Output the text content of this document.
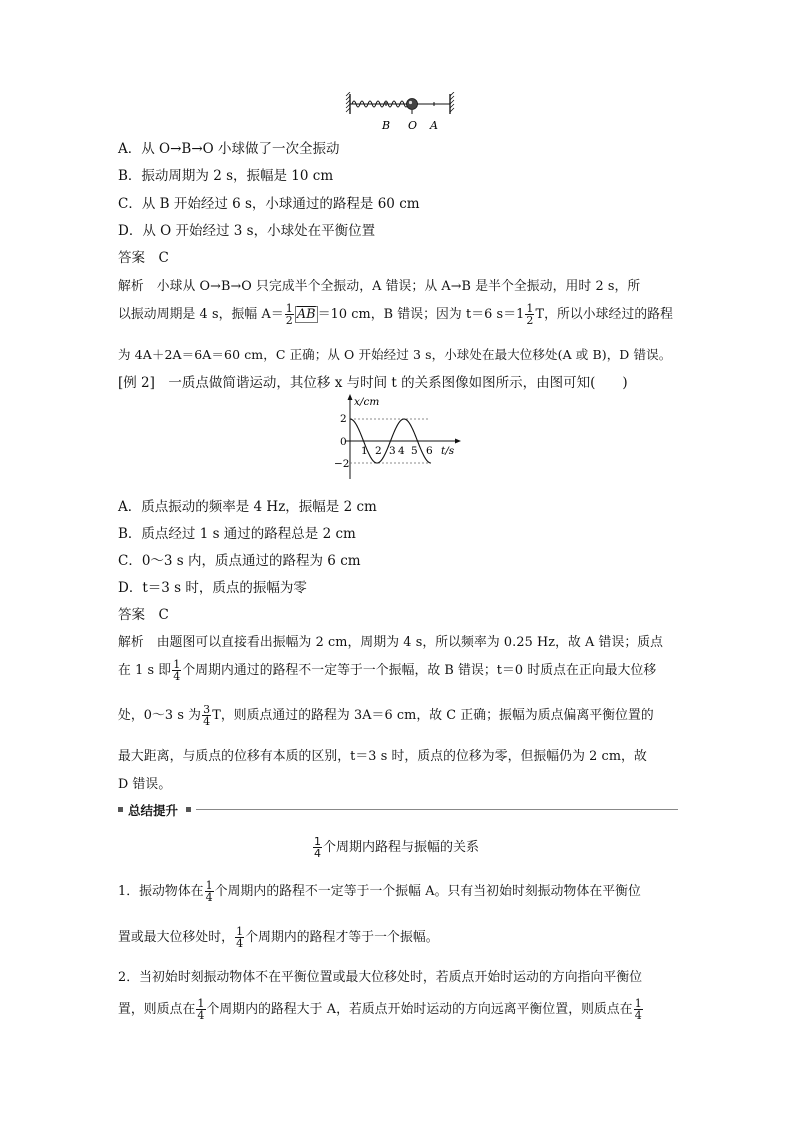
B O A
A．从 O→B→O 小球做了一次全振动
B．振动周期为 2 s，振幅是 10 cm
C．从 B 开始经过 6 s，小球通过的路程是 60 cm
D．从 O 开始经过 3 s，小球处在平衡位置
答案　C
解析　小球从 O→B→O 只完成半个全振动，A 错误；从 A→B 是半个全振动，用时 2 s，所
以振动周期是 4 s，振幅 $A= \frac{1}{2} \overline{AB} =10$ cm，B 错误；因为 t＝6 $s=1 \frac{1}{2}$ T，所以小球经过的路程
为 4A＋2A＝6A＝60 cm，C 正确；从 O 开始经过 3 s，小球处在最大位移处(A 或 B)，D 错误。
[例 2]　一质点做简谐运动，其位移 x 与时间 t 的关系图像如图所示，由图可知(　　)
x/cm
t/s
2
0
−2
1 2 3 4 5 6
A．质点振动的频率是 4 Hz，振幅是 2 cm
B．质点经过 1 s 通过的路程总是 2 cm
C．0～3 s 内，质点通过的路程为 6 cm
D．t＝3 s 时，质点的振幅为零
答案　C
解析　由题图可以直接看出振幅为 2 cm，周期为 4 s，所以频率为 0.25 Hz，故 A 错误；质点
在 1 s 即 $\frac{1}{4}$ 个周期内通过的路程不一定等于一个振幅，故 B 错误；t＝0 时质点在正向最大位移
处，0～3 s 为 $\frac{3}{4}$ T，则质点通过的路程为 3A＝6 cm，故 C 正确；振幅为质点偏离平衡位置的
最大距离，与质点的位移有本质的区别，t＝3 s 时，质点的位移为零，但振幅仍为 2 cm，故
D 错误。
总结提升
$\frac{1}{4}$ 个周期内路程与振幅的关系
1．振动物体在 $\frac{1}{4}$ 个周期内的路程不一定等于一个振幅 A。只有当初始时刻振动物体在平衡位
置或最大位移处时， $\frac{1}{4}$ 个周期内的路程才等于一个振幅。
2．当初始时刻振动物体不在平衡位置或最大位移处时，若质点开始时运动的方向指向平衡位
置，则质点在 $\frac{1}{4}$ 个周期内的路程大于 A，若质点开始时运动的方向远离平衡位置，则质点在 $\frac{1}{4}$
